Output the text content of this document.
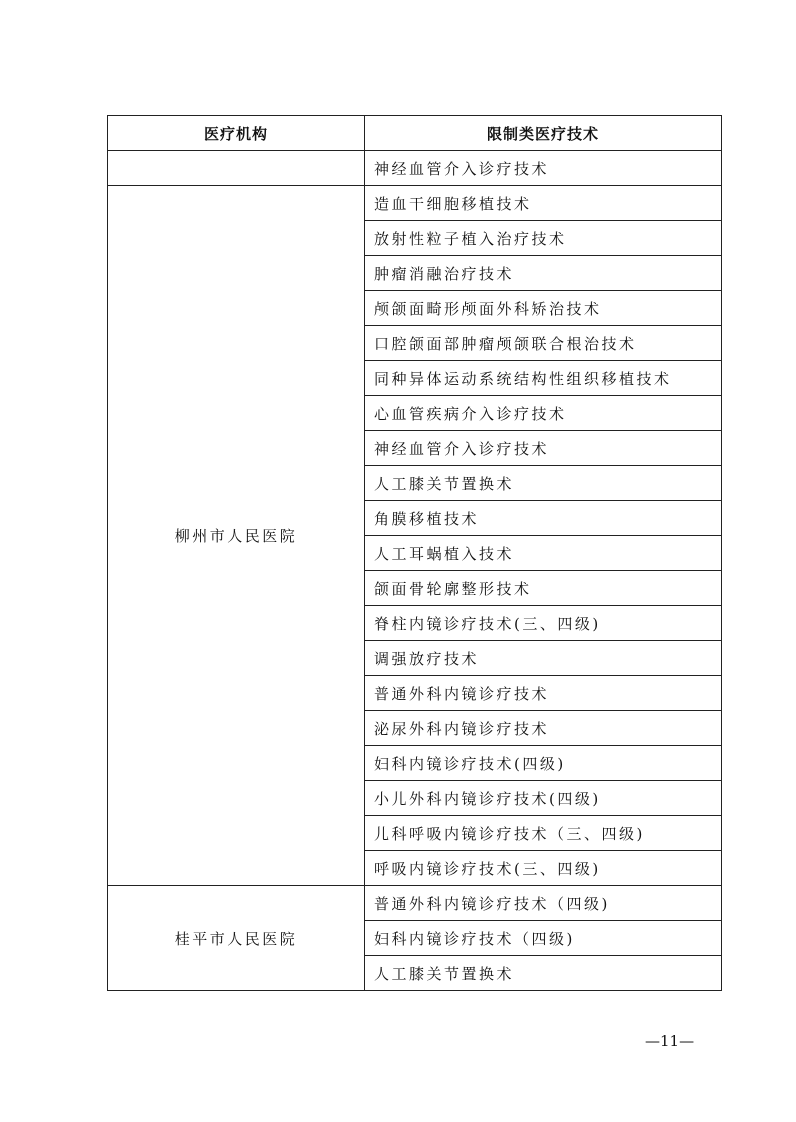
医疗机构	限制类医疗技术
	神经血管介入诊疗技术
柳州市人民医院	造血干细胞移植技术
	放射性粒子植入治疗技术
	肿瘤消融治疗技术
	颅颌面畸形颅面外科矫治技术
	口腔颌面部肿瘤颅颌联合根治技术
	同种异体运动系统结构性组织移植技术
	心血管疾病介入诊疗技术
	神经血管介入诊疗技术
	人工膝关节置换术
	角膜移植技术
	人工耳蜗植入技术
	颌面骨轮廓整形技术
	脊柱内镜诊疗技术(三、四级)
	调强放疗技术
	普通外科内镜诊疗技术
	泌尿外科内镜诊疗技术
	妇科内镜诊疗技术(四级)
	小儿外科内镜诊疗技术(四级)
	儿科呼吸内镜诊疗技术（三、四级)
	呼吸内镜诊疗技术(三、四级)
桂平市人民医院	普通外科内镜诊疗技术（四级)
	妇科内镜诊疗技术（四级)
	人工膝关节置换术
—11—
